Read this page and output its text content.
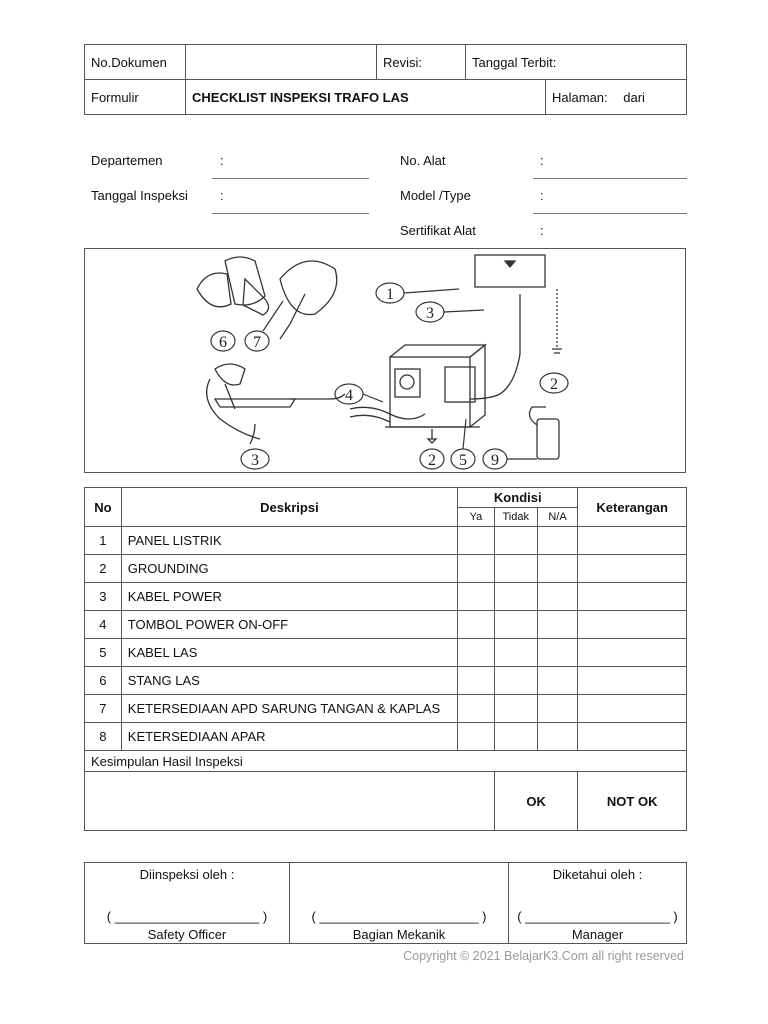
No.Dokumen		Revisi:	Tanggal Terbit:	
Formulir	CHECKLIST INSPEKSI TRAFO LAS			Halaman: dari
Departemen	:
Tanggal Inspeksi :
No. Alat	:
Model /Type	:
Sertifikat Alat	:
1
3
2
4
6 7
3	2 5 9
No	Deskripsi	Kondisi			Keterangan
		Ya	Tidak	N/A	
1	PANEL LISTRIK				
2	GROUNDING				
3	KABEL POWER				
4	TOMBOL POWER ON-OFF				
5	KABEL LAS				
6	STANG LAS				
7	KETERSEDIAAN APD SARUNG TANGAN & KAPLAS				
8	KETERSEDIAAN APAR				
Kesimpulan Hasil Inspeksi					
			OK		NOT OK
Diinspeksi oleh :
( ____________________ )
Safety Officer

( ______________________ )
Bagian Mekanik

Diketahui oleh :
( ____________________ )
Manager
Copyright © 2021 BelajarK3.Com all right reserved
